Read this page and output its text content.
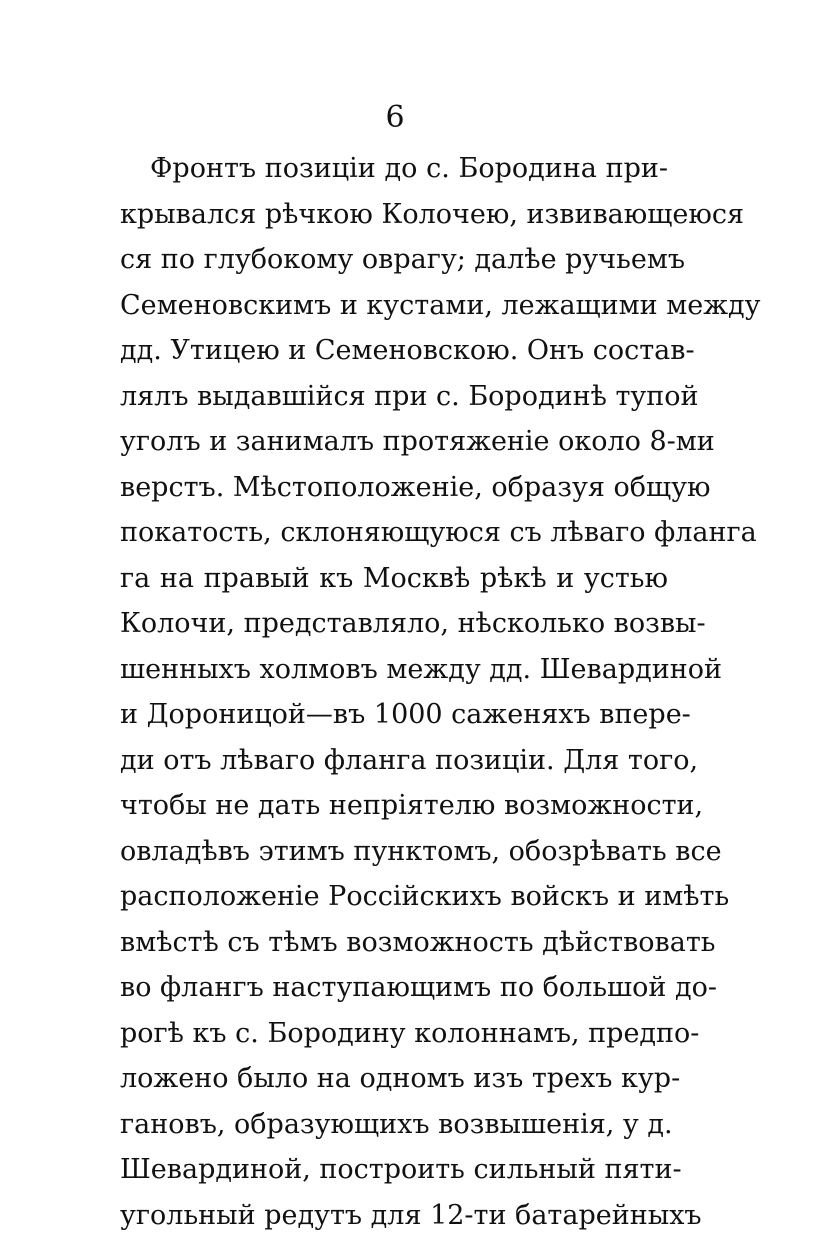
6
Фронтъ позицiи до с. Бородина при-
крывался рѣчкою Колочею, извивающеюся
ся по глубокому оврагу; далѣе ручьемъ
Семеновскимъ и кустами, лежащими между
дд. Утицею и Семеновскою. Онъ состав-
лялъ выдавшiйся при с. Бородинѣ тупой
уголъ и занималъ протяженiе около 8-ми
верстъ. Мѣстоположенiе, образуя общую
покатость, склоняющуюся съ лѣваго фланга
га на правый къ Москвѣ рѣкѣ и устью
Колочи, представляло, нѣсколько возвы-
шенныхъ холмовъ между дд. Шевардиной
и Дороницой—въ 1000 саженяхъ впере-
ди отъ лѣваго фланга позицiи. Для того,
чтобы не дать непрiятелю возможности,
овладѣвъ этимъ пунктомъ, обозрѣвать все
расположенiе Россiйскихъ войскъ и имѣть
вмѣстѣ съ тѣмъ возможность дѣйствовать
во флангъ наступающимъ по большой до-
рогѣ къ с. Бородину колоннамъ, предпо-
ложено было на одномъ изъ трехъ кур-
гановъ, образующихъ возвышенiя, у д.
Шевардиной, построить сильный пяти-
угольный редутъ для 12-ти батарейныхъ
